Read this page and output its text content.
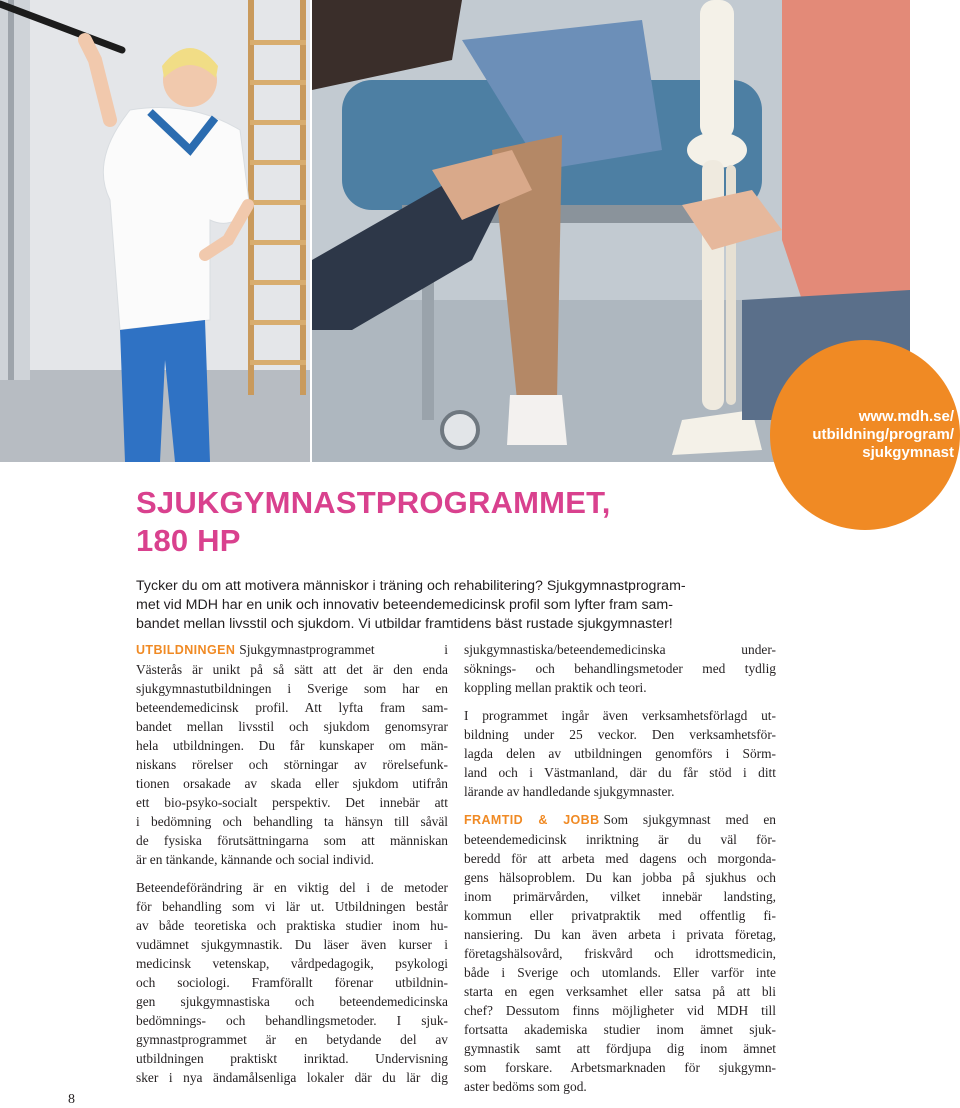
www.mdh.se/
utbildning/program/
sjukgymnast
SJUKGYMNASTPROGRAMMET,
180 HP
Tycker du om att motivera människor i träning och rehabilitering? Sjukgymnastprogram-
met vid MDH har en unik och innovativ beteendemedicinsk profil som lyfter fram sam-
bandet mellan livsstil och sjukdom. Vi utbildar framtidens bäst rustade sjukgymnaster!
UTBILDNINGEN Sjukgymnastprogrammet i
Västerås är unikt på så sätt att det är den enda
sjukgymnastutbildningen i Sverige som har en
beteendemedicinsk profil. Att lyfta fram sam-
bandet mellan livsstil och sjukdom genomsyrar
hela utbildningen. Du får kunskaper om män-
niskans rörelser och störningar av rörelsefunk-
tionen orsakade av skada eller sjukdom utifrån
ett bio-psyko-socialt perspektiv. Det innebär att
i bedömning och behandling ta hänsyn till såväl
de fysiska förutsättningarna som att människan
är en tänkande, kännande och social individ.
Beteendeförändring är en viktig del i de metoder
för behandling som vi lär ut. Utbildningen består
av både teoretiska och praktiska studier inom hu-
vudämnet sjukgymnastik. Du läser även kurser i
medicinsk vetenskap, vårdpedagogik, psykologi
och sociologi. Framförallt förenar utbildnin-
gen sjukgymnastiska och beteendemedicinska
bedömnings- och behandlingsmetoder. I sjuk-
gymnastprogrammet är en betydande del av
utbildningen praktiskt inriktad. Undervisning
sker i nya ändamålsenliga lokaler där du lär dig
sjukgymnastiska/beteendemedicinska under-
söknings- och behandlingsmetoder med tydlig
koppling mellan praktik och teori.
I programmet ingår även verksamhetsförlagd ut-
bildning under 25 veckor. Den verksamhetsför-
lagda delen av utbildningen genomförs i Sörm-
land och i Västmanland, där du får stöd i ditt
lärande av handledande sjukgymnaster.
FRAMTID & JOBB Som sjukgymnast med en
beteendemedicinsk inriktning är du väl för-
beredd för att arbeta med dagens och morgonda-
gens hälsoproblem. Du kan jobba på sjukhus och
inom primärvården, vilket innebär landsting,
kommun eller privatpraktik med offentlig fi-
nansiering. Du kan även arbeta i privata företag,
företagshälsovård, friskvård och idrottsmedicin,
både i Sverige och utomlands. Eller varför inte
starta en egen verksamhet eller satsa på att bli
chef? Dessutom finns möjligheter vid MDH till
fortsatta akademiska studier inom ämnet sjuk-
gymnastik samt att fördjupa dig inom ämnet
som forskare. Arbetsmarknaden för sjukgymn-
aster bedöms som god.
8
